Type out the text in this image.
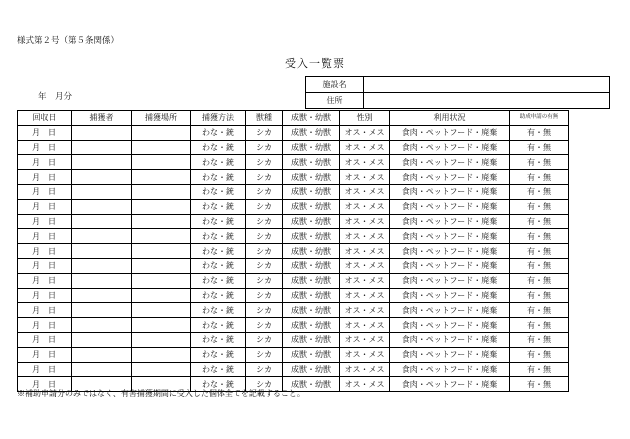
様式第２号（第５条関係）
受入一覧票
年　月分
施設名	
住所	
回収日	捕獲者	捕獲場所	捕獲方法	獣種	成獣・幼獣	性別	利用状況	助成申請の有無
月　日			わな・銃	シカ	成獣・幼獣	オス・メス	食肉・ペットフード・廃棄	有・無
月　日			わな・銃	シカ	成獣・幼獣	オス・メス	食肉・ペットフード・廃棄	有・無
月　日			わな・銃	シカ	成獣・幼獣	オス・メス	食肉・ペットフード・廃棄	有・無
月　日			わな・銃	シカ	成獣・幼獣	オス・メス	食肉・ペットフード・廃棄	有・無
月　日			わな・銃	シカ	成獣・幼獣	オス・メス	食肉・ペットフード・廃棄	有・無
月　日			わな・銃	シカ	成獣・幼獣	オス・メス	食肉・ペットフード・廃棄	有・無
月　日			わな・銃	シカ	成獣・幼獣	オス・メス	食肉・ペットフード・廃棄	有・無
月　日			わな・銃	シカ	成獣・幼獣	オス・メス	食肉・ペットフード・廃棄	有・無
月　日			わな・銃	シカ	成獣・幼獣	オス・メス	食肉・ペットフード・廃棄	有・無
月　日			わな・銃	シカ	成獣・幼獣	オス・メス	食肉・ペットフード・廃棄	有・無
月　日			わな・銃	シカ	成獣・幼獣	オス・メス	食肉・ペットフード・廃棄	有・無
月　日			わな・銃	シカ	成獣・幼獣	オス・メス	食肉・ペットフード・廃棄	有・無
月　日			わな・銃	シカ	成獣・幼獣	オス・メス	食肉・ペットフード・廃棄	有・無
月　日			わな・銃	シカ	成獣・幼獣	オス・メス	食肉・ペットフード・廃棄	有・無
月　日			わな・銃	シカ	成獣・幼獣	オス・メス	食肉・ペットフード・廃棄	有・無
月　日			わな・銃	シカ	成獣・幼獣	オス・メス	食肉・ペットフード・廃棄	有・無
月　日			わな・銃	シカ	成獣・幼獣	オス・メス	食肉・ペットフード・廃棄	有・無
月　日			わな・銃	シカ	成獣・幼獣	オス・メス	食肉・ペットフード・廃棄	有・無
※補助申請分のみではなく、有害捕獲期間に受入した個体全てを記載すること。
